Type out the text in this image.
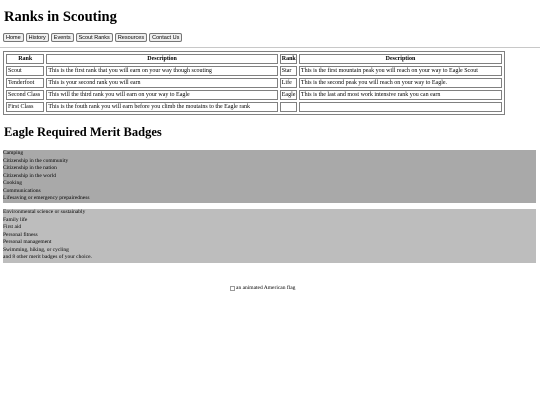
Ranks in Scouting
Home	History	Events	Scout Ranks	Resources	Contact Us
Rank	Description	Rank	Description
Scout	This is the first rank that you will earn on your way though scouting	Star	This is the first mountain peak you will reach on your way to Eagle Scout
Tenderfoot	This is your second rank you will earn	Life	This is the second peak you will reach on your way to Eagle.
Second Class	This will the third rank you will earn on your way to Eagle	Eagle	This is the last and most work intensive rank you can earn
First Class	This is the fouth rank you will earn before you climb the moutains to the Eagle rank		
Eagle Required Merit Badges
Camping
Citizenship in the community
Citizenship in the nation
Citizenship in the world
Cooking
Communications
Lifesaving or emergency prepairedness
Environmental science or sustainably
Family life
First aid
Personal fitness
Personal management
Swimming, hiking, or cycling
and 8 other merit badges of your choice.
an animated American flag
